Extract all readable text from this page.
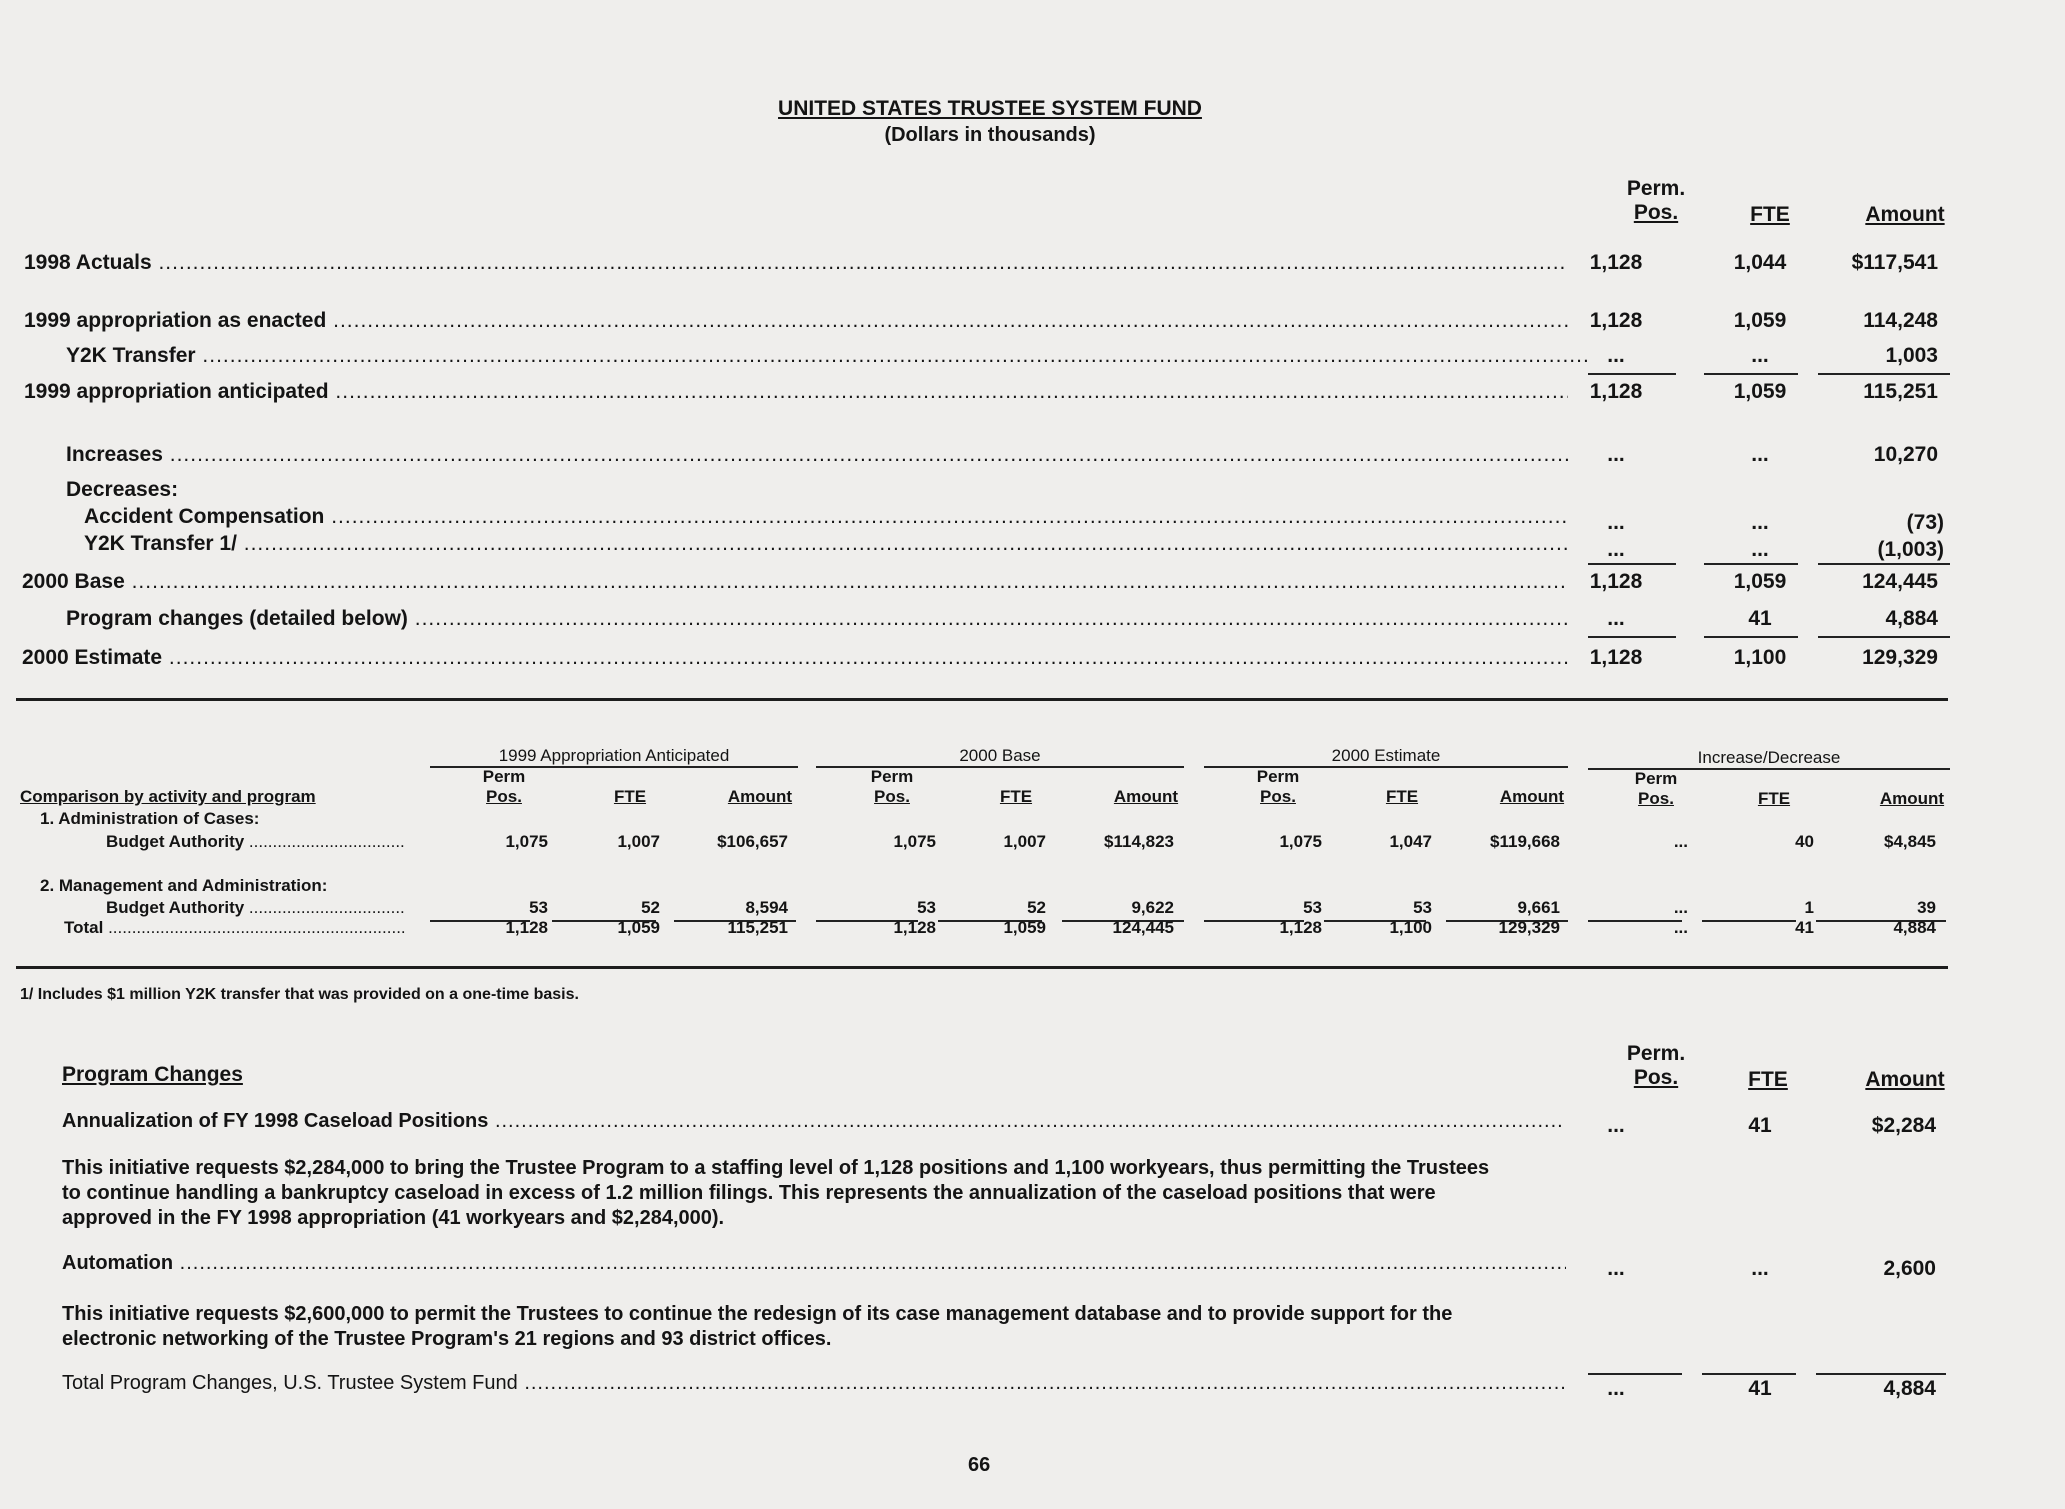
UNITED STATES TRUSTEE SYSTEM FUND
(Dollars in thousands)
Perm.
Pos.	FTE	Amount
1998 Actuals .....	1,128	1,044	$117,541
1999 appropriation as enacted .....	1,128	1,059	114,248
Y2K Transfer .....	...	...	1,003
1999 appropriation anticipated .....	1,128	1,059	115,251
Increases .....	...	...	10,270
Decreases:
Accident Compensation .....	...	...	(73)
Y2K Transfer 1/ .....	...	...	(1,003)
2000 Base .....	1,128	1,059	124,445
Program changes (detailed below) .....	...	41	4,884
2000 Estimate .....	1,128	1,100	129,329
1999 Appropriation Anticipated	2000 Base	2000 Estimate	Increase/Decrease
Comparison by activity and program
Perm
Pos.	FTE	Amount
Perm
Pos.	FTE	Amount
Perm
Pos.	FTE	Amount
Perm
Pos.	FTE	Amount
1. Administration of Cases:
Budget Authority .....	1,075	1,007	$106,657	1,075	1,007	$114,823	1,075	1,047	$119,668	...	40	$4,845
2. Management and Administration:
Budget Authority .....	53	52	8,594	53	52	9,622	53	53	9,661	...	1	39
Total .....	1,128	1,059	115,251	1,128	1,059	124,445	1,128	1,100	129,329	...	41	4,884
1/ Includes $1 million Y2K transfer that was provided on a one-time basis.
Program Changes
Perm.
Pos.	FTE	Amount
Annualization of FY 1998 Caseload Positions .....	...	41	$2,284
This initiative requests $2,284,000 to bring the Trustee Program to a staffing level of 1,128 positions and 1,100 workyears, thus permitting the Trustees to continue handling a bankruptcy caseload in excess of 1.2 million filings. This represents the annualization of the caseload positions that were approved in the FY 1998 appropriation (41 workyears and $2,284,000).
Automation .....	...	...	2,600
This initiative requests $2,600,000 to permit the Trustees to continue the redesign of its case management database and to provide support for the electronic networking of the Trustee Program's 21 regions and 93 district offices.
Total Program Changes, U.S. Trustee System Fund .....	...	41	4,884
66
